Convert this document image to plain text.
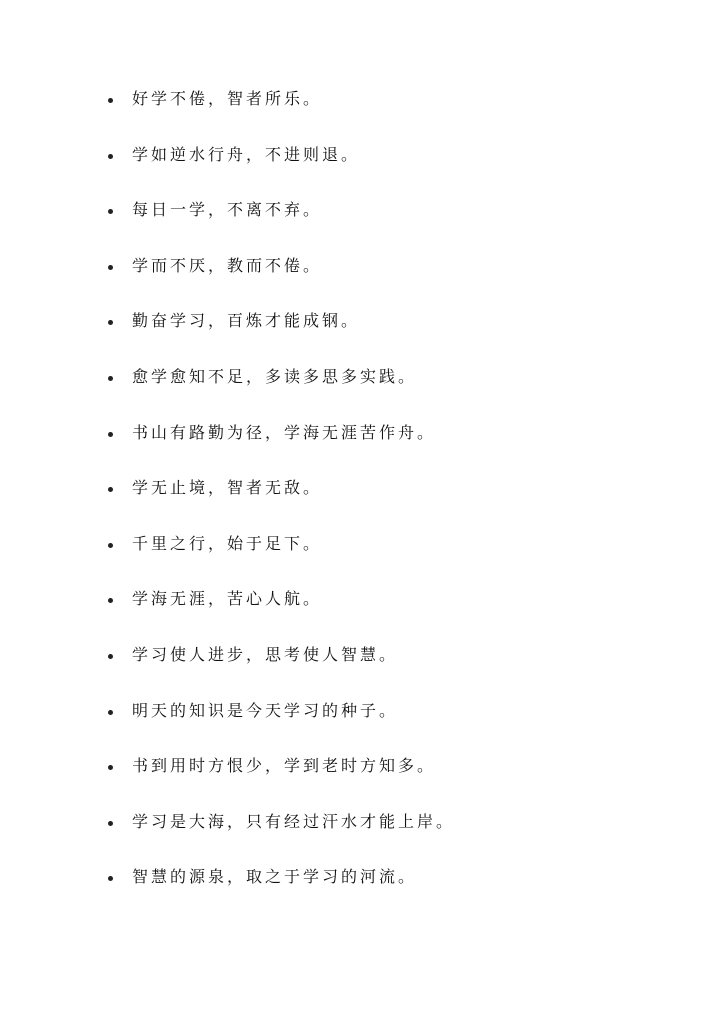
好学不倦，智者所乐。
学如逆水行舟，不进则退。
每日一学，不离不弃。
学而不厌，教而不倦。
勤奋学习，百炼才能成钢。
愈学愈知不足，多读多思多实践。
书山有路勤为径，学海无涯苦作舟。
学无止境，智者无敌。
千里之行，始于足下。
学海无涯，苦心人航。
学习使人进步，思考使人智慧。
明天的知识是今天学习的种子。
书到用时方恨少，学到老时方知多。
学习是大海，只有经过汗水才能上岸。
智慧的源泉，取之于学习的河流。
